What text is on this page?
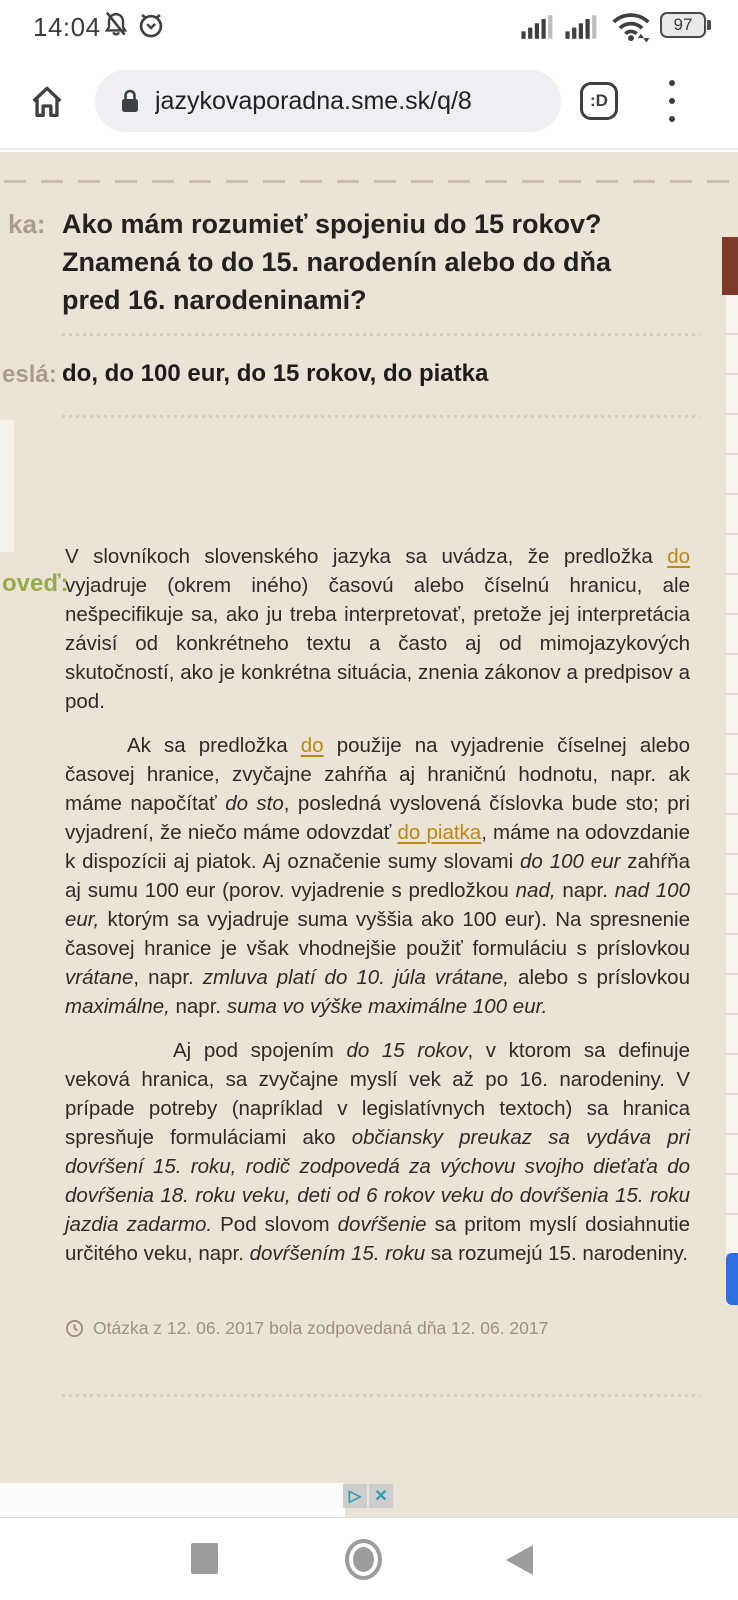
14:04	97
jazykovaporadna.sme.sk/q/8	:D
ka: Ako mám rozumieť spojeniu do 15 rokov? Znamená to do 15. narodenín alebo do dňa pred 16. narodeninami?
eslá: do, do 100 eur, do 15 rokov, do piatka
oveď:

V slovníkoch slovenského jazyka sa uvádza, že predložka do vyjadruje (okrem iného) časovú alebo číselnú hranicu, ale nešpecifikuje sa, ako ju treba interpretovať, pretože jej interpretácia závisí od konkrétneho textu a často aj od mimojazykových skutočností, ako je konkrétna situácia, znenia zákonov a predpisov a pod.

Ak sa predložka do použije na vyjadrenie číselnej alebo časovej hranice, zvyčajne zahŕňa aj hraničnú hodnotu, napr. ak máme napočítať do sto, posledná vyslovená číslovka bude sto; pri vyjadrení, že niečo máme odovzdať do piatka, máme na odovzdanie k dispozícii aj piatok. Aj označenie sumy slovami do 100 eur zahŕňa aj sumu 100 eur (porov. vyjadrenie s predložkou nad, napr. nad 100 eur, ktorým sa vyjadruje suma vyššia ako 100 eur). Na spresnenie časovej hranice je však vhodnejšie použiť formuláciu s príslovkou vrátane, napr. zmluva platí do 10. júla vrátane, alebo s príslovkou maximálne, napr. suma vo výške maximálne 100 eur.

Aj pod spojením do 15 rokov, v ktorom sa definuje veková hranica, sa zvyčajne myslí vek až po 16. narodeniny. V prípade potreby (napríklad v legislatívnych textoch) sa hranica spresňuje formuláciami ako občiansky preukaz sa vydáva pri dovŕšení 15. roku, rodič zodpovedá za výchovu svojho dieťaťa do dovŕšenia 18. roku veku, deti od 6 rokov veku do dovŕšenia 15. roku jazdia zadarmo. Pod slovom dovŕšenie sa pritom myslí dosiahnutie určitého veku, napr. dovŕšením 15. roku sa rozumejú 15. narodeniny.

Otázka z 12. 06. 2017 bola zodpovedaná dňa 12. 06. 2017
▷ ✕
